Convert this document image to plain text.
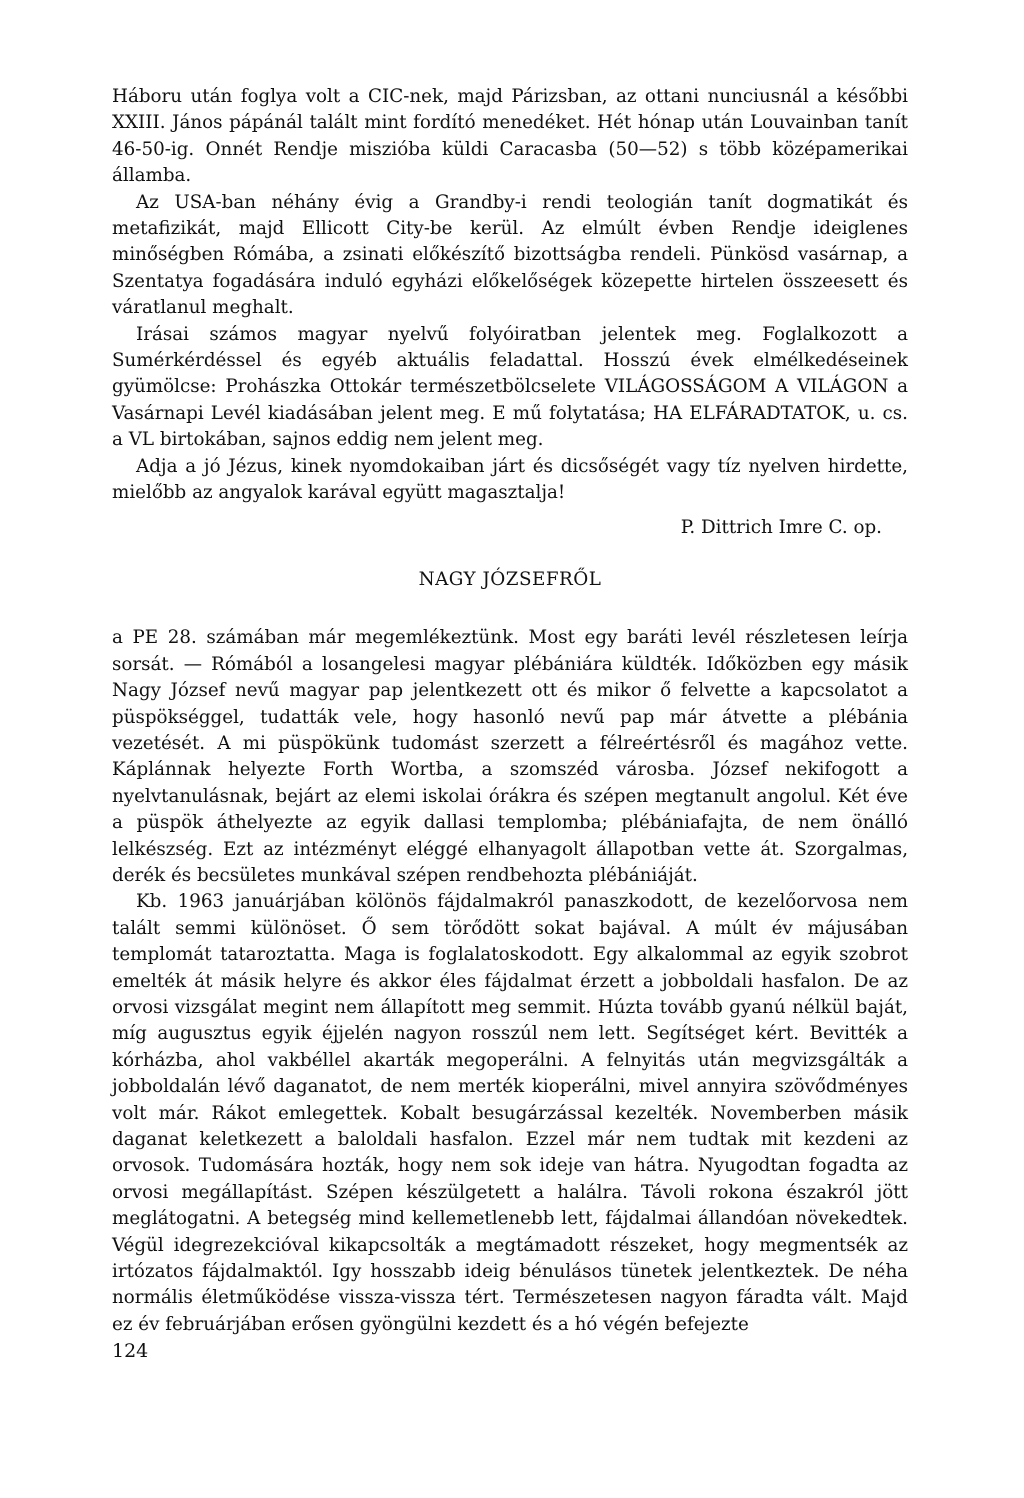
Háboru után foglya volt a CIC-nek, majd Párizsban, az ottani nunciusnál a későbbi XXIII. János pápánál talált mint fordító menedéket. Hét hónap után Louvainban tanít 46-50-ig. Onnét Rendje misziόba küldi Caracasba (50—52) s több középamerikai államba.

Az USA-ban néhány évig a Grandby-i rendi teologián tanít dogmatikát és metafizikát, majd Ellicott City-be kerül. Az elmúlt évben Rendje ideiglenes minőségben Rómába, a zsinati előkészítő bizottságba rendeli. Pünkösd vasárnap, a Szentatya fogadására induló egyházi előkelőségek közepette hirtelen összeesett és váratlanul meghalt.

Irásai számos magyar nyelvű folyóiratban jelentek meg. Foglalkozott a Sumérkérdéssel és egyéb aktuális feladattal. Hosszú évek elmélkedéseinek gyümölcse: Prohászka Ottokár természetbölcselete VILÁGOSSÁGOM A VILÁGON a Vasárnapi Levél kiadásában jelent meg. E mű folytatása; HA ELFÁRADTATOK, u. cs. a VL birtokában, sajnos eddig nem jelent meg.

Adja a jó Jézus, kinek nyomdokaiban járt és dicsőségét vagy tíz nyelven hirdette, mielőbb az angyalok karával együtt magasztalja!

P. Dittrich Imre C. op.
NAGY JÓZSEFRŐL

a PE 28. számában már megemlékeztünk. Most egy baráti levél részletesen leírja sorsát. — Rómából a losangelesi magyar plébániára küldték. Időközben egy másik Nagy József nevű magyar pap jelentkezett ott és mikor ő felvette a kapcsolatot a püspökséggel, tudatták vele, hogy hasonló nevű pap már átvette a plébánia vezetését. A mi püspökünk tudomást szerzett a félreértésről és magához vette. Káplánnak helyezte Forth Wortba, a szomszéd városba. József nekifogott a nyelvtanulásnak, bejárt az elemi iskolai órákra és szépen megtanult angolul. Két éve a püspök áthelyezte az egyik dallasi templomba; plébániafajta, de nem önálló lelkészség. Ezt az intézményt eléggé elhanyagolt állapotban vette át. Szorgalmas, derék és becsületes munkával szépen rendbehozta plébániáját.

Kb. 1963 januárjában kölönös fájdalmakról panaszkodott, de kezelőorvosa nem talált semmi különöset. Ő sem törődött sokat bajával. A múlt év májusában templomát tataroztatta. Maga is foglalatoskodott. Egy alkalommal az egyik szobrot emelték át másik helyre és akkor éles fájdalmat érzett a jobboldali hasfalon. De az orvosi vizsgálat megint nem állapított meg semmit. Húzta tovább gyanú nélkül baját, míg augusztus egyik éjjelén nagyon rosszúl nem lett. Segítséget kért. Bevitték a kórházba, ahol vakbéllel akarták megoperálni. A felnyitás után megvizsgálták a jobboldalán lévő daganatot, de nem merték kioperálni, mivel annyira szövődményes volt már. Rákot emlegettek. Kobalt besugárzással kezelték. Novemberben másik daganat keletkezett a baloldali hasfalon. Ezzel már nem tudtak mit kezdeni az orvosok. Tudomására hozták, hogy nem sok ideje van hátra. Nyugodtan fogadta az orvosi megállapítást. Szépen készülgetett a halálra. Távoli rokona északról jött meglátogatni. A betegség mind kellemetlenebb lett, fájdalmai állandóan növekedtek. Végül idegrezekcióval kikapcsolták a megtámadott részeket, hogy megmentsék az irtózatos fájdalmaktól. Igy hosszabb ideig bénulásos tünetek jelentkeztek. De néha normális életműködése vissza-vissza tért. Természetesen nagyon fáradta vált. Majd ez év februárjában erősen gyöngülni kezdett és a hó végén befejezte

124
